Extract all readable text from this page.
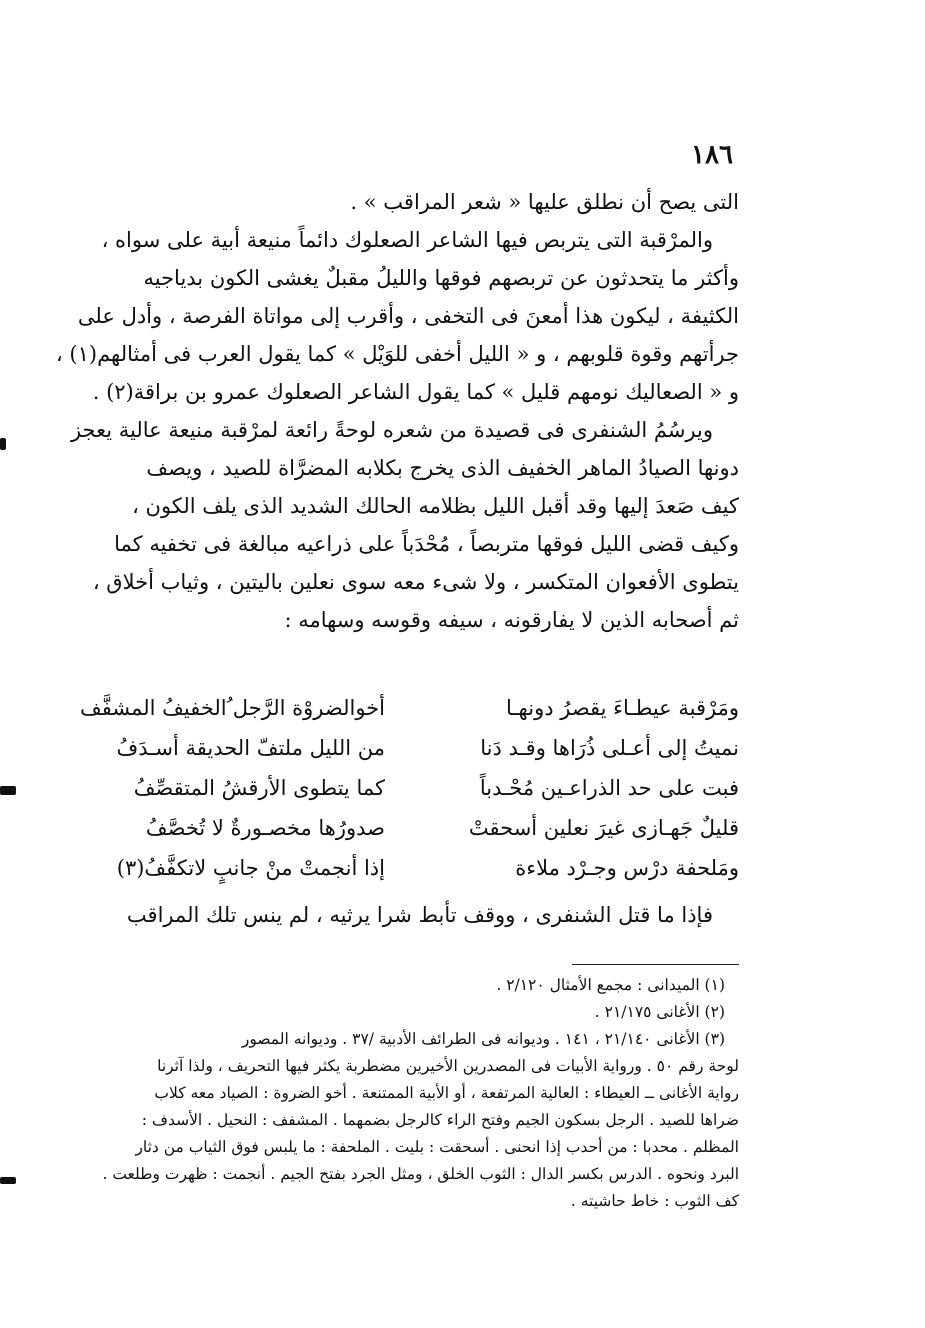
١٨٦
التى يصح أن نطلق عليها « شعر المراقب » .
والمرْقبة التى يتربص فيها الشاعر الصعلوك دائماً منيعة أبية على سواه ،
وأكثر ما يتحدثون عن تربصهم فوقها والليلُ مقبلٌ يغشى الكون بدياجيه
الكثيفة ، ليكون هذا أمعنَ فى التخفى ، وأقرب إلى مواتاة الفرصة ، وأدل على
جرأتهم وقوة قلوبهم ، و « الليل أخفى للوَيْل » كما يقول العرب فى أمثالهم(١) ،
و « الصعاليك نومهم قليل » كما يقول الشاعر الصعلوك عمرو بن براقة(٢) .
ويرسُمُ الشنفرى فى قصيدة من شعره لوحةً رائعة لمرْقبة منيعة عالية يعجز
دونها الصيادُ الماهر الخفيف الذى يخرج بكلابه المضرَّاة للصيد ، ويصف
كيف صَعدَ إليها وقد أقبل الليل بظلامه الحالك الشديد الذى يلف الكون ،
وكيف قضى الليل فوقها متربصاً ، مُحْدَباً على ذراعيه مبالغة فى تخفيه كما
يتطوى الأفعوان المتكسر ، ولا شىء معه سوى نعلين باليتين ، وثياب أخلاق ،
ثم أصحابه الذين لا يفارقونه ، سيفه وقوسه وسهامه :
ومَرْقبة عيطـاءَ يقصرُ دونهـا
أخوالضروْة الرَّجل ُالخفيفُ المشفَّف
نميتُ إلى أعـلى ذُرَاها وقـد دَنا
من الليل ملتفّ الحديقة أسـدَفُ
فبت على حد الذراعـين مُحْـدباً
كما يتطوى الأرقشُ المتقصِّفُ
قليلٌ جَهـازى غيرَ نعلين أسحقتْ
صدورُها مخصـورةٌ لا تُخصَّفُ
ومَلحفة درْس وجـرْد ملاءة
إذا أنجمتْ منْ جانبٍ لاتكفَّفُ(٣)
فإذا ما قتل الشنفرى ، ووقف تأبط شرا يرثيه ، لم ينس تلك المراقب
(١) الميدانى : مجمع الأمثال ٢/١٢٠ .
(٢) الأغانى ٢١/١٧٥ .
(٣) الأغانى ٢١/١٤٠ ، ١٤١ . وديوانه فى الطرائف الأدبية /٣٧ . وديوانه المصور
لوحة رقم ٥٠ . ورواية الأبيات فى المصدرين الأخيرين مضطربة يكثر فيها التحريف ، ولذا آثرنا
رواية الأغانى ــ العيطاء : العالية المرتفعة ، أو الأبية الممتنعة . أخو الضروة : الصياد معه كلاب
ضراها للصيد . الرجل بسكون الجيم وفتح الراء كالرجل بضمهما . المشفف : النحيل . الأسدف :
المظلم . محدبا : من أحدب إذا انحنى . أسحقت : بليت . الملحفة : ما يلبس فوق الثياب من دثار
البرد ونحوه . الدرس بكسر الدال : الثوب الخلق ، ومثل الجرد بفتح الجيم . أنجمت : ظهرت وطلعت .
كف الثوب : خاط حاشيته .
